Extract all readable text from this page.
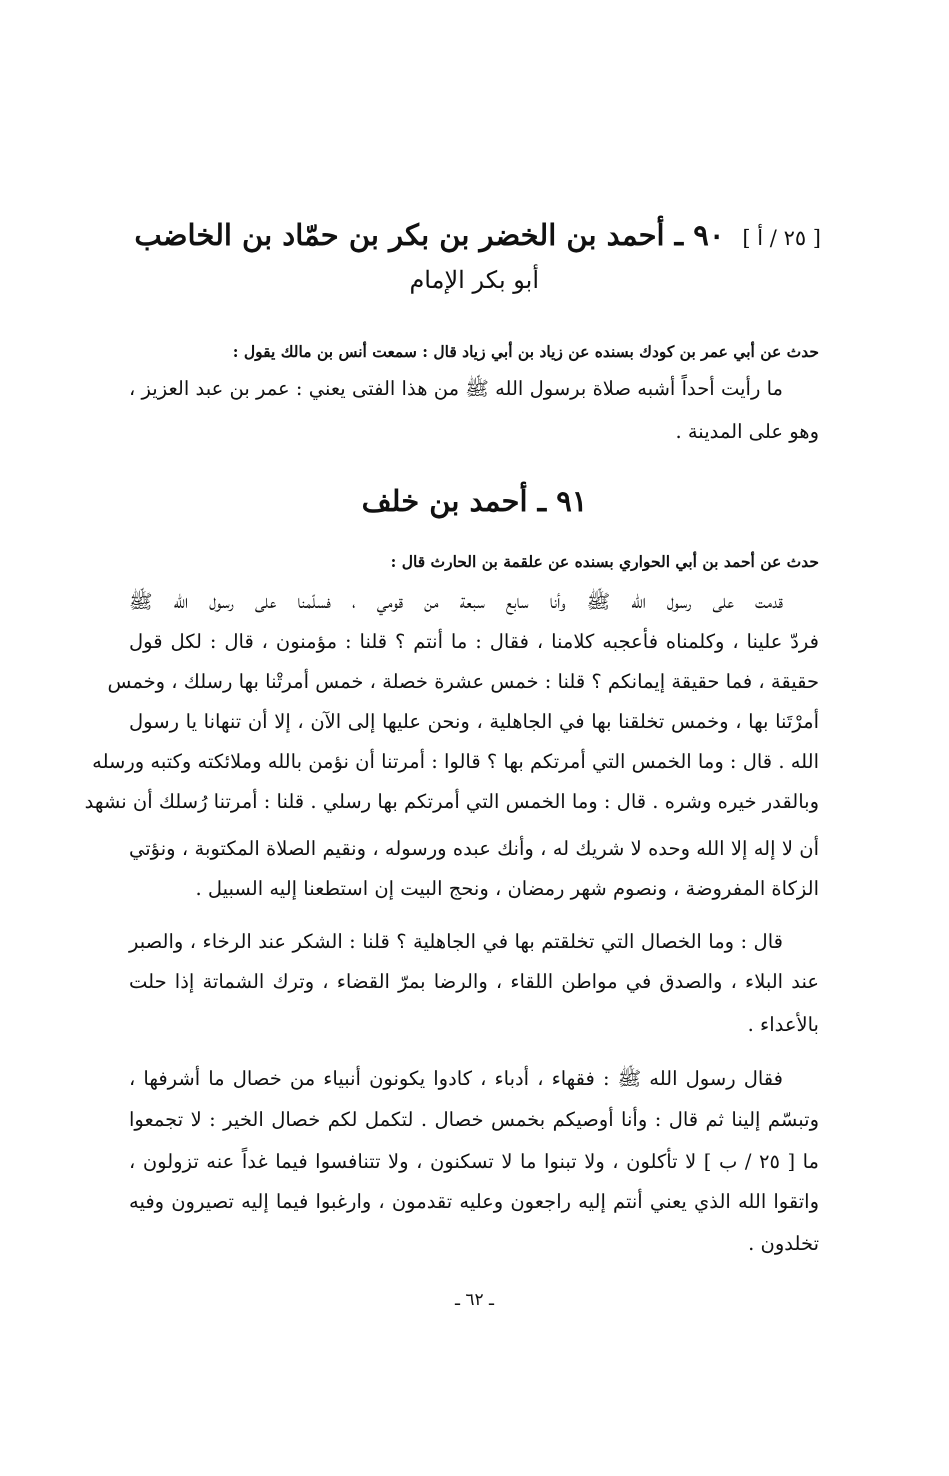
[ ٢٥ / أ ]٩٠ ـ أحمد بن الخضر بن بكر بن حمّاد بن الخاضب
أبو بكر الإمام
حدث عن أبي عمر بن كودك بسنده عن زياد بن أبي زياد قال : سمعت أنس بن مالك يقول :
ما رأيت أحداً أشبه صلاة برسول الله ﷺ من هذا الفتى يعني : عمر بن عبد العزيز ،
وهو على المدينة .
٩١ ـ أحمد بن خلف
حدث عن أحمد بن أبي الحواري بسنده عن علقمة بن الحارث قال :
قدمت على رسول الله ﷺ وأنا سابع سبعة من قومي ، فسلّمنا على رسول الله ﷺ
فردّ علينا ، وكلمناه فأعجبه كلامنا ، فقال : ما أنتم ؟ قلنا : مؤمنون ، قال : لكل قول
حقيقة ، فما حقيقة إيمانكم ؟ قلنا : خمس عشرة خصلة ، خمس أمرتْنا بها رسلك ، وخمس
أمرْتَنا بها ، وخمس تخلقنا بها في الجاهلية ، ونحن عليها إلى الآن ، إلا أن تنهانا يا رسول
الله . قال : وما الخمس التي أمرتكم بها ؟ قالوا : أمرتنا أن نؤمن بالله وملائكته وكتبه ورسله
وبالقدر خيره وشره . قال : وما الخمس التي أمرتكم بها رسلي . قلنا : أمرتنا رُسلك أن نشهد
أن لا إله إلا الله وحده لا شريك له ، وأنك عبده ورسوله ، ونقيم الصلاة المكتوبة ، ونؤتي
الزكاة المفروضة ، ونصوم شهر رمضان ، ونحج البيت إن استطعنا إليه السبيل .
قال : وما الخصال التي تخلقتم بها في الجاهلية ؟ قلنا : الشكر عند الرخاء ، والصبر
عند البلاء ، والصدق في مواطن اللقاء ، والرضا بمرّ القضاء ، وترك الشماتة إذا حلت
بالأعداء .
فقال رسول الله ﷺ : فقهاء ، أدباء ، كادوا يكونون أنبياء من خصال ما أشرفها ،
وتبسّم إلينا ثم قال : وأنا أوصيكم بخمس خصال . لتكمل لكم خصال الخير : لا تجمعوا
ما [ ٢٥ / ب ] لا تأكلون ، ولا تبنوا ما لا تسكنون ، ولا تتنافسوا فيما غداً عنه تزولون ،
واتقوا الله الذي يعني أنتم إليه راجعون وعليه تقدمون ، وارغبوا فيما إليه تصيرون وفيه
تخلدون .
ـ ٦٢ ـ
